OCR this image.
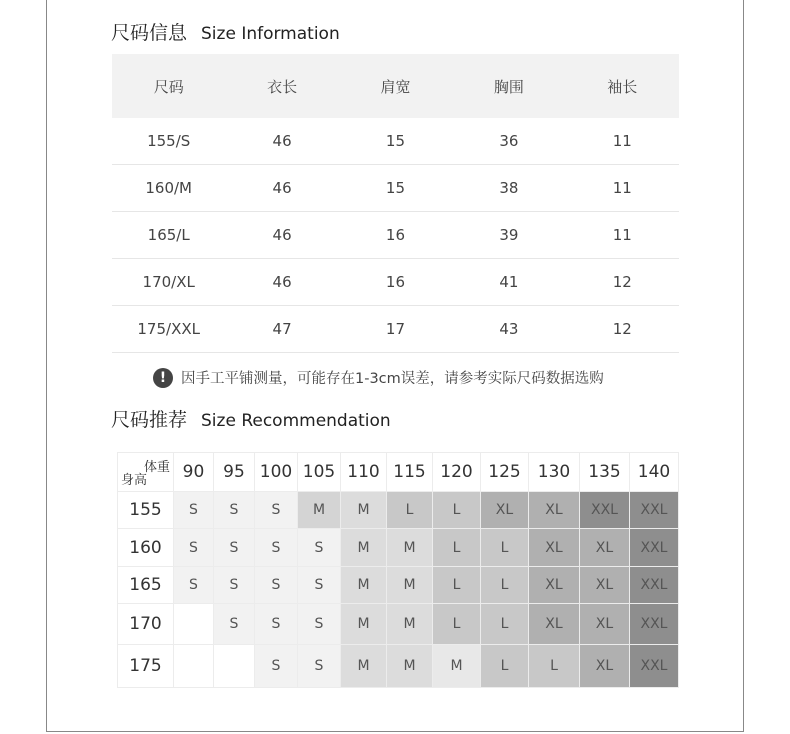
尺码信息 Size Information
尺码	衣长	肩宽	胸围	袖长
155/S	46	15	36	11
160/M	46	15	38	11
165/L	46	16	39	11
170/XL	46	16	41	12
175/XXL	47	17	43	12
!	因手工平铺测量，可能存在1-3cm误差，请参考实际尺码数据选购
尺码推荐 Size Recommendation
体重
身高	90	95	100	105	110	115	120	125	130	135	140
155	S	S	S	M	M	L	L	XL	XL	XXL	XXL
160	S	S	S	S	M	M	L	L	XL	XL	XXL
165	S	S	S	S	M	M	L	L	XL	XL	XXL
170		S	S	S	M	M	L	L	XL	XL	XXL
175			S	S	M	M	M	L	L	XL	XXL
